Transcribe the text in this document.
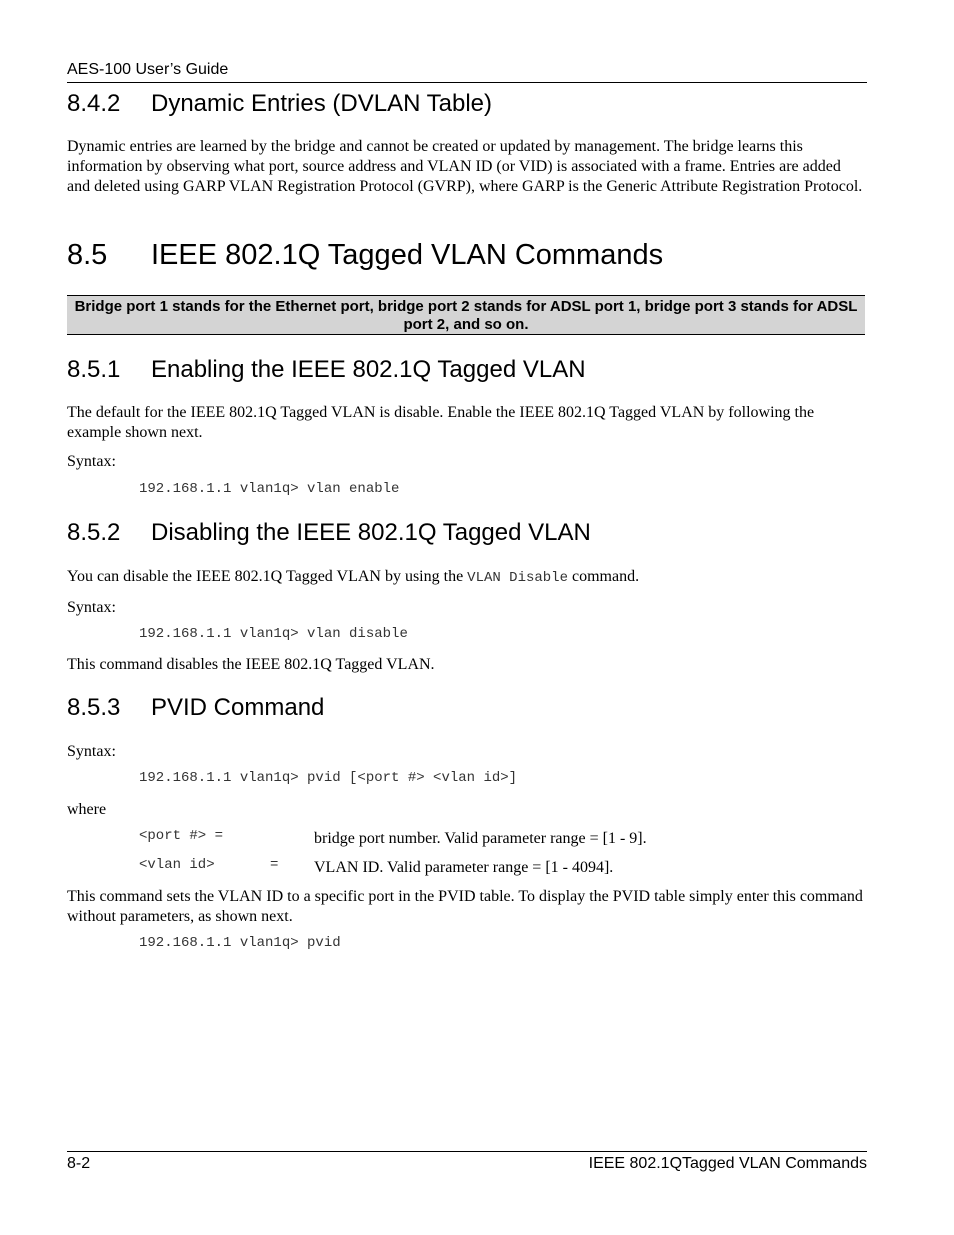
AES-100 User’s Guide
8.4.2 Dynamic Entries (DVLAN Table)
Dynamic entries are learned by the bridge and cannot be created or updated by management. The bridge learns this information by observing what port, source address and VLAN ID (or VID) is associated with a frame. Entries are added and deleted using GARP VLAN Registration Protocol (GVRP), where GARP is the Generic Attribute Registration Protocol.
8.5 IEEE 802.1Q Tagged VLAN Commands
Bridge port 1 stands for the Ethernet port, bridge port 2 stands for ADSL port 1, bridge port 3 stands for ADSL port 2, and so on.
8.5.1 Enabling the IEEE 802.1Q Tagged VLAN
The default for the IEEE 802.1Q Tagged VLAN is disable. Enable the IEEE 802.1Q Tagged VLAN by following the example shown next.
Syntax:
192.168.1.1 vlan1q> vlan enable
8.5.2 Disabling the IEEE 802.1Q Tagged VLAN
You can disable the IEEE 802.1Q Tagged VLAN by using the VLAN Disable command.
Syntax:
192.168.1.1 vlan1q> vlan disable
This command disables the IEEE 802.1Q Tagged VLAN.
8.5.3 PVID Command
Syntax:
192.168.1.1 vlan1q> pvid [<port #> <vlan id>]
where
<port #> =	bridge port number. Valid parameter range = [1 - 9].
<vlan id>	= VLAN ID. Valid parameter range = [1 - 4094].
This command sets the VLAN ID to a specific port in the PVID table. To display the PVID table simply enter this command without parameters, as shown next.
192.168.1.1 vlan1q> pvid
8-2	IEEE 802.1QTagged VLAN Commands
